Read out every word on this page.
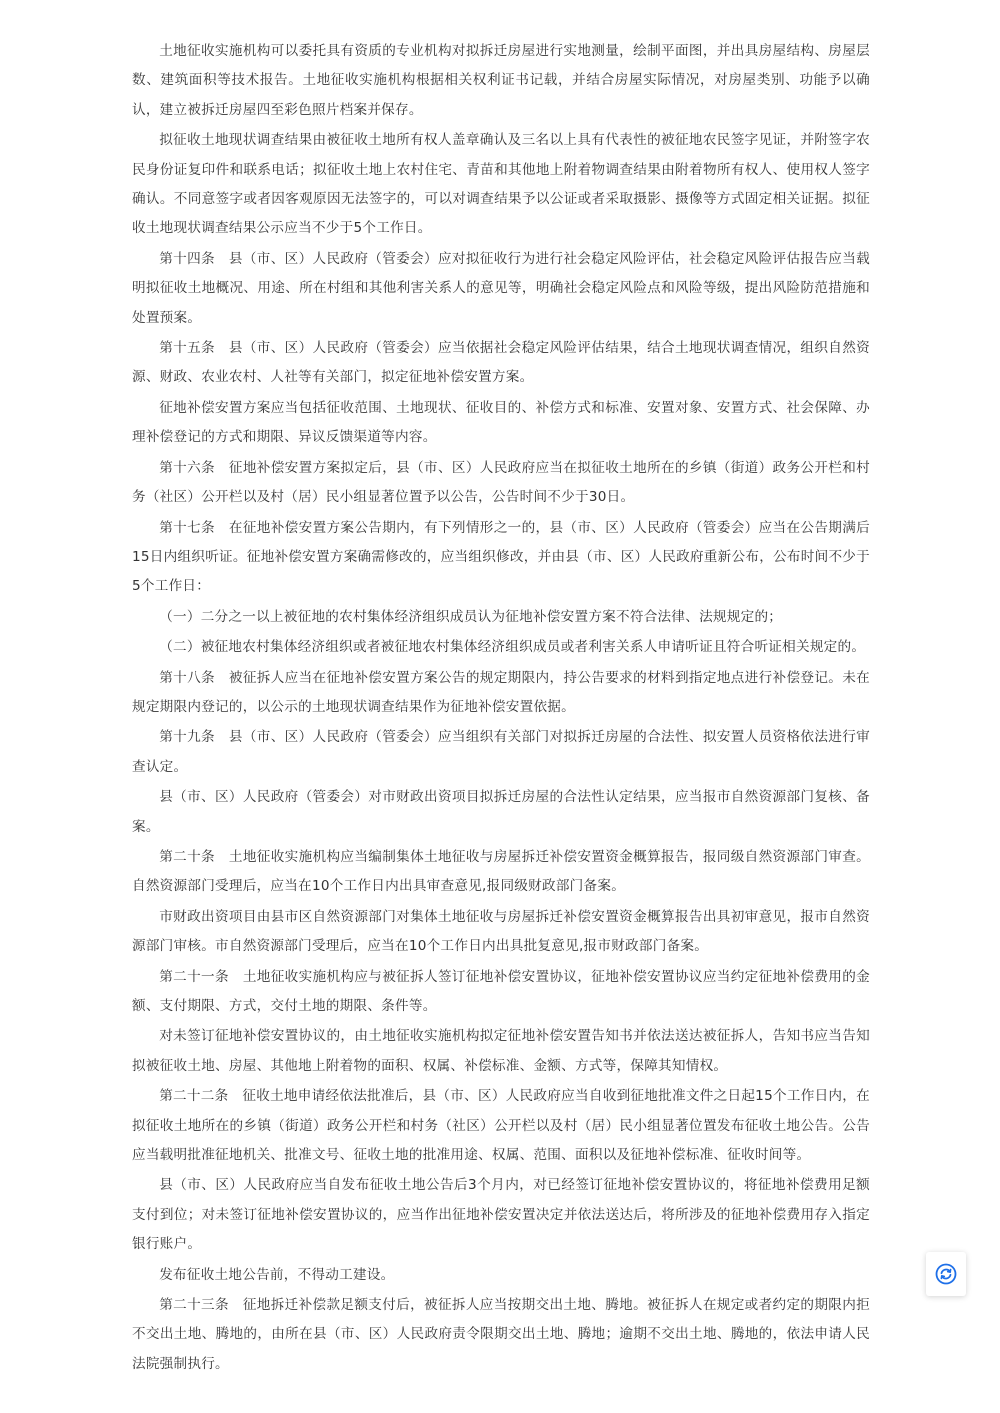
土地征收实施机构可以委托具有资质的专业机构对拟拆迁房屋进行实地测量，绘制平面图，并出具房屋结构、房屋层数、建筑面积等技术报告。土地征收实施机构根据相关权利证书记载，并结合房屋实际情况，对房屋类别、功能予以确认，建立被拆迁房屋四至彩色照片档案并保存。

拟征收土地现状调查结果由被征收土地所有权人盖章确认及三名以上具有代表性的被征地农民签字见证，并附签字农民身份证复印件和联系电话；拟征收土地上农村住宅、青苗和其他地上附着物调查结果由附着物所有权人、使用权人签字确认。不同意签字或者因客观原因无法签字的，可以对调查结果予以公证或者采取摄影、摄像等方式固定相关证据。拟征收土地现状调查结果公示应当不少于5个工作日。

第十四条　县（市、区）人民政府（管委会）应对拟征收行为进行社会稳定风险评估，社会稳定风险评估报告应当载明拟征收土地概况、用途、所在村组和其他利害关系人的意见等，明确社会稳定风险点和风险等级，提出风险防范措施和处置预案。

第十五条　县（市、区）人民政府（管委会）应当依据社会稳定风险评估结果，结合土地现状调查情况，组织自然资源、财政、农业农村、人社等有关部门，拟定征地补偿安置方案。

征地补偿安置方案应当包括征收范围、土地现状、征收目的、补偿方式和标准、安置对象、安置方式、社会保障、办理补偿登记的方式和期限、异议反馈渠道等内容。

第十六条　征地补偿安置方案拟定后，县（市、区）人民政府应当在拟征收土地所在的乡镇（街道）政务公开栏和村务（社区）公开栏以及村（居）民小组显著位置予以公告，公告时间不少于30日。

第十七条　在征地补偿安置方案公告期内，有下列情形之一的，县（市、区）人民政府（管委会）应当在公告期满后15日内组织听证。征地补偿安置方案确需修改的，应当组织修改，并由县（市、区）人民政府重新公布，公布时间不少于5个工作日：

（一）二分之一以上被征地的农村集体经济组织成员认为征地补偿安置方案不符合法律、法规规定的；

（二）被征地农村集体经济组织或者被征地农村集体经济组织成员或者利害关系人申请听证且符合听证相关规定的。

第十八条　被征拆人应当在征地补偿安置方案公告的规定期限内，持公告要求的材料到指定地点进行补偿登记。未在规定期限内登记的，以公示的土地现状调查结果作为征地补偿安置依据。

第十九条　县（市、区）人民政府（管委会）应当组织有关部门对拟拆迁房屋的合法性、拟安置人员资格依法进行审查认定。

县（市、区）人民政府（管委会）对市财政出资项目拟拆迁房屋的合法性认定结果，应当报市自然资源部门复核、备案。

第二十条　土地征收实施机构应当编制集体土地征收与房屋拆迁补偿安置资金概算报告，报同级自然资源部门审查。自然资源部门受理后，应当在10个工作日内出具审查意见,报同级财政部门备案。

市财政出资项目由县市区自然资源部门对集体土地征收与房屋拆迁补偿安置资金概算报告出具初审意见，报市自然资源部门审核。市自然资源部门受理后，应当在10个工作日内出具批复意见,报市财政部门备案。

第二十一条　土地征收实施机构应与被征拆人签订征地补偿安置协议，征地补偿安置协议应当约定征地补偿费用的金额、支付期限、方式，交付土地的期限、条件等。

对未签订征地补偿安置协议的，由土地征收实施机构拟定征地补偿安置告知书并依法送达被征拆人，告知书应当告知拟被征收土地、房屋、其他地上附着物的面积、权属、补偿标准、金额、方式等，保障其知情权。

第二十二条　征收土地申请经依法批准后，县（市、区）人民政府应当自收到征地批准文件之日起15个工作日内，在拟征收土地所在的乡镇（街道）政务公开栏和村务（社区）公开栏以及村（居）民小组显著位置发布征收土地公告。公告应当载明批准征地机关、批准文号、征收土地的批准用途、权属、范围、面积以及征地补偿标准、征收时间等。

县（市、区）人民政府应当自发布征收土地公告后3个月内，对已经签订征地补偿安置协议的，将征地补偿费用足额支付到位；对未签订征地补偿安置协议的，应当作出征地补偿安置决定并依法送达后，将所涉及的征地补偿费用存入指定银行账户。

发布征收土地公告前，不得动工建设。

第二十三条　征地拆迁补偿款足额支付后，被征拆人应当按期交出土地、腾地。被征拆人在规定或者约定的期限内拒不交出土地、腾地的，由所在县（市、区）人民政府责令限期交出土地、腾地；逾期不交出土地、腾地的，依法申请人民法院强制执行。
